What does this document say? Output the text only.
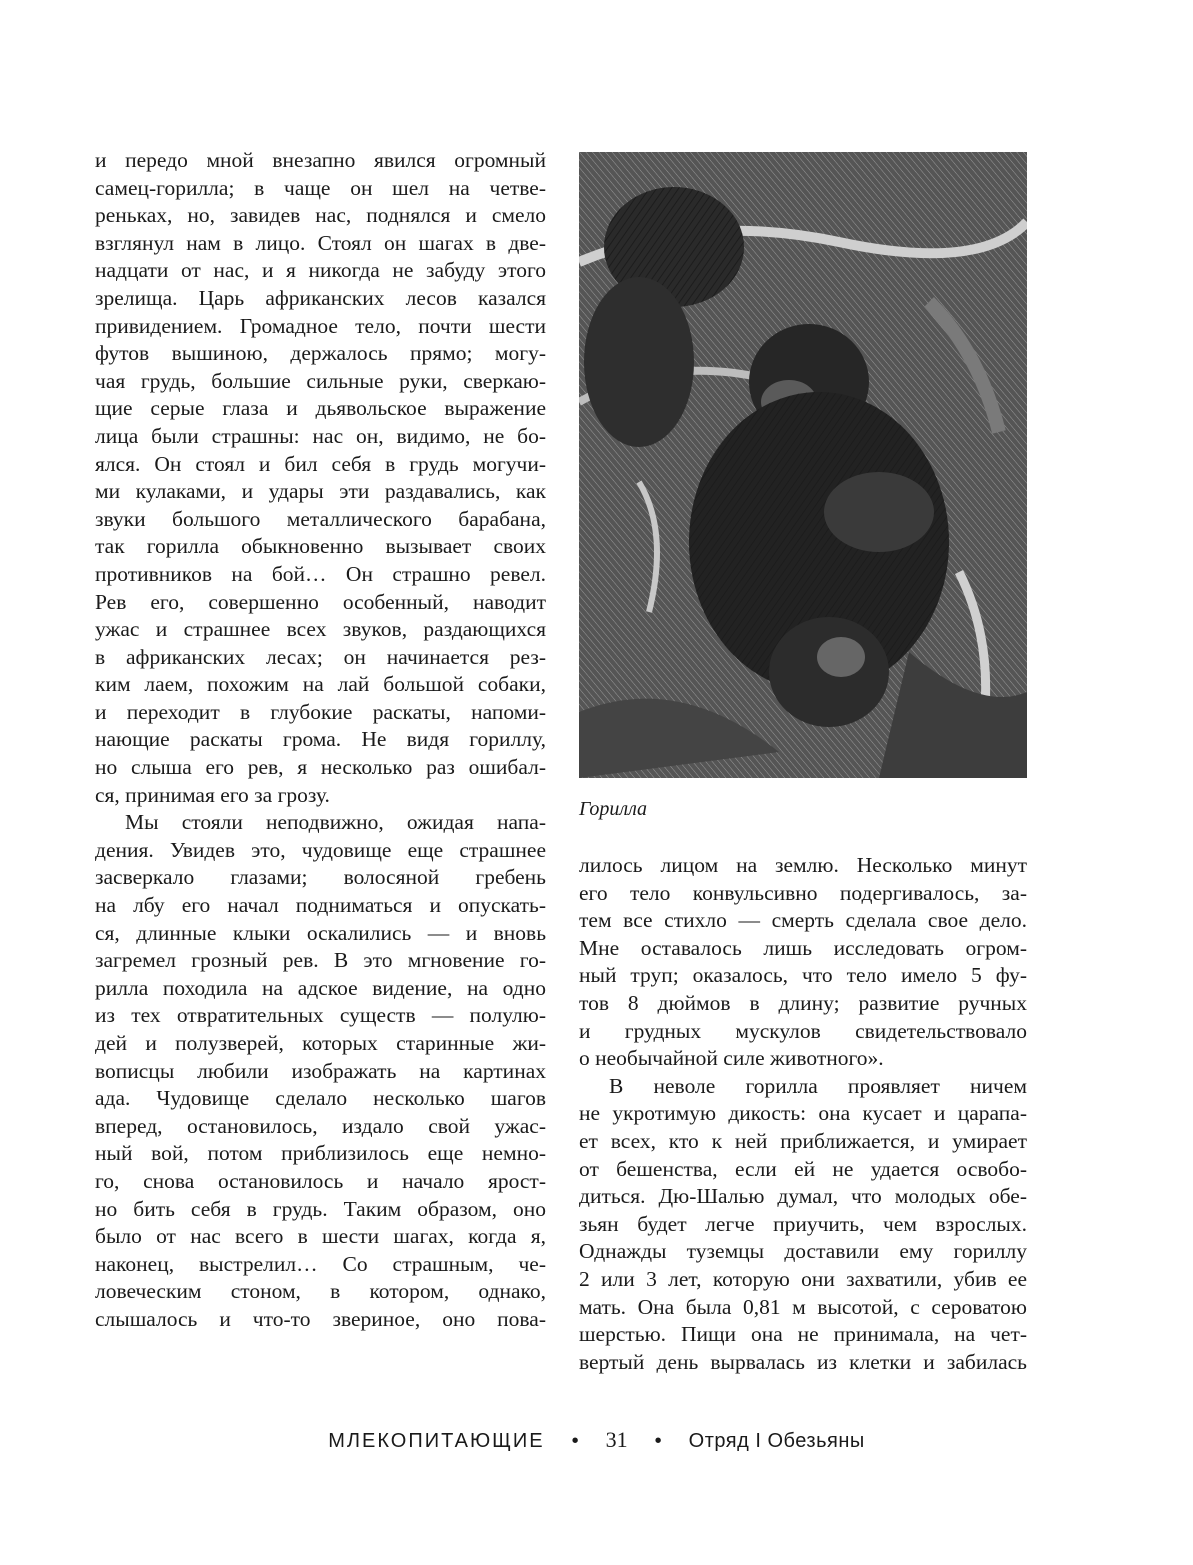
и передо мной внезапно явился огромный
самец-горилла; в чаще он шел на четве-
реньках, но, завидев нас, поднялся и смело
взглянул нам в лицо. Стоял он шагах в две-
надцати от нас, и я никогда не забуду этого
зрелища. Царь африканских лесов казался
привидением. Громадное тело, почти шести
футов вышиною, держалось прямо; могу-
чая грудь, большие сильные руки, сверкаю-
щие серые глаза и дьявольское выражение
лица были страшны: нас он, видимо, не бо-
ялся. Он стоял и бил себя в грудь могучи-
ми кулаками, и удары эти раздавались, как
звуки большого металлического барабана,
так горилла обыкновенно вызывает своих
противников на бой… Он страшно ревел.
Рев его, совершенно особенный, наводит
ужас и страшнее всех звуков, раздающихся
в африканских лесах; он начинается рез-
ким лаем, похожим на лай большой собаки,
и переходит в глубокие раскаты, напоми-
нающие раскаты грома. Не видя гориллу,
но слыша его рев, я несколько раз ошибал-
ся, принимая его за грозу.
Мы стояли неподвижно, ожидая напа-
дения. Увидев это, чудовище еще страшнее
засверкало глазами; волосяной гребень
на лбу его начал подниматься и опускать-
ся, длинные клыки оскалились — и вновь
загремел грозный рев. В это мгновение го-
рилла походила на адское видение, на одно
из тех отвратительных существ — полулю-
дей и полузверей, которых старинные жи-
вописцы любили изображать на картинах
ада. Чудовище сделало несколько шагов
вперед, остановилось, издало свой ужас-
ный вой, потом приблизилось еще немно-
го, снова остановилось и начало ярост-
но бить себя в грудь. Таким образом, оно
было от нас всего в шести шагах, когда я,
наконец, выстрелил… Со страшным, че-
ловеческим стоном, в котором, однако,
слышалось и что-то звериное, оно пова-
Горилла
лилось лицом на землю. Несколько минут
его тело конвульсивно подергивалось, за-
тем все стихло — смерть сделала свое дело.
Мне оставалось лишь исследовать огром-
ный труп; оказалось, что тело имело 5 фу-
тов 8 дюймов в длину; развитие ручных
и грудных мускулов свидетельствовало
о необычайной силе животного».
В неволе горилла проявляет ничем
не укротимую дикость: она кусает и царапа-
ет всех, кто к ней приближается, и умирает
от бешенства, если ей не удается освобо-
диться. Дю-Шалью думал, что молодых обе-
зьян будет легче приучить, чем взрослых.
Однажды туземцы доставили ему гориллу
2 или 3 лет, которую они захватили, убив ее
мать. Она была 0,81 м высотой, с сероватою
шерстью. Пищи она не принимала, на чет-
вертый день вырвалась из клетки и забилась
МЛЕКОПИТАЮЩИЕ • 31 • Отряд I Обезьяны
